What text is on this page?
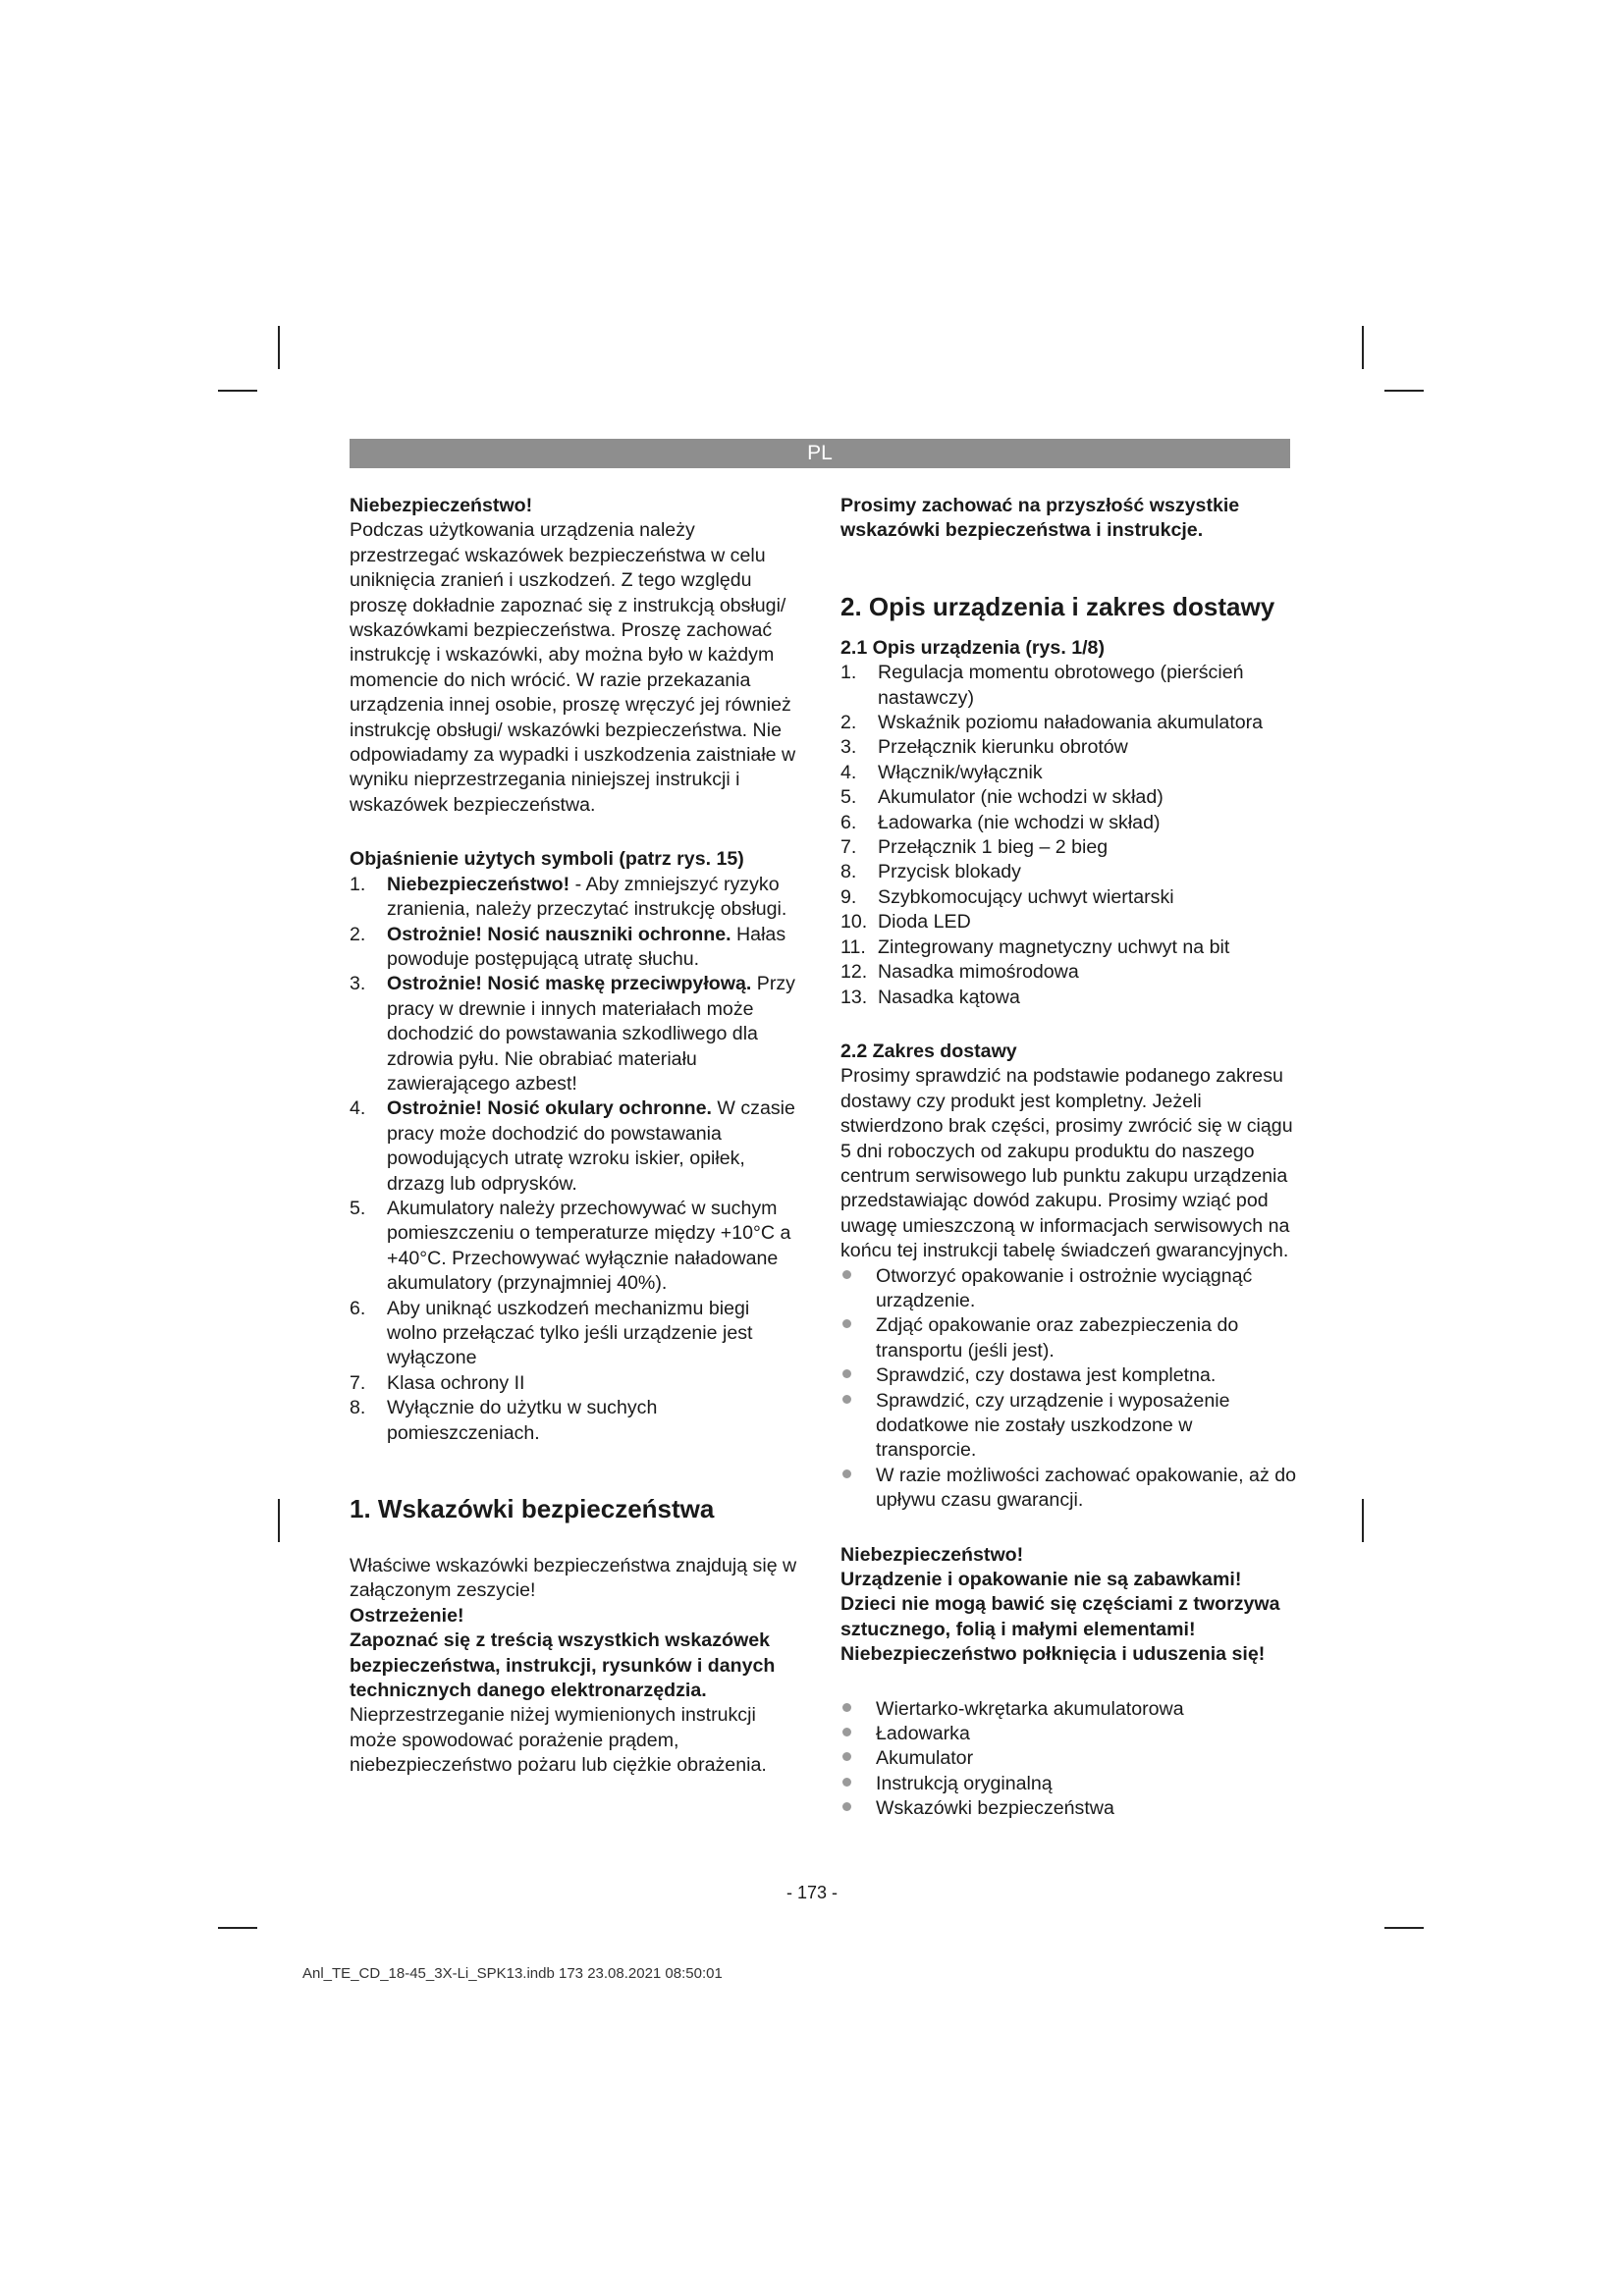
PL

Niebezpieczeństwo!

Podczas użytkowania urządzenia należy przestrzegać wskazówek bezpieczeństwa w celu uniknięcia zranień i uszkodzeń. Z tego względu proszę dokładnie zapoznać się z instrukcją obsługi/ wskazówkami bezpieczeństwa. Proszę zachować instrukcję i wskazówki, aby można było w każdym momencie do nich wrócić. W razie przekazania urządzenia innej osobie, proszę wręczyć jej również instrukcję obsługi/ wskazówki bezpieczeństwa. Nie odpowiadamy za wypadki i uszkodzenia zaistniałe w wyniku nieprzestrzegania niniejszej instrukcji i wskazówek bezpieczeństwa.

Objaśnienie użytych symboli (patrz rys. 15)

1. Niebezpieczeństwo! - Aby zmniejszyć ryzyko zranienia, należy przeczytać instrukcję obsługi.
2. Ostrożnie! Nosić nauszniki ochronne. Hałas powoduje postępującą utratę słuchu.
3. Ostrożnie! Nosić maskę przeciwpyłową. Przy pracy w drewnie i innych materiałach może dochodzić do powstawania szkodliwego dla zdrowia pyłu. Nie obrabiać materiału zawierającego azbest!
4. Ostrożnie! Nosić okulary ochronne. W czasie pracy może dochodzić do powstawania powodujących utratę wzroku iskier, opiłek, drzazg lub odprysków.
5. Akumulatory należy przechowywać w suchym pomieszczeniu o temperaturze między +10°C a +40°C. Przechowywać wyłącznie naładowane akumulatory (przynajmniej 40%).
6. Aby uniknąć uszkodzeń mechanizmu biegi wolno przełączać tylko jeśli urządzenie jest wyłączone
7. Klasa ochrony II
8. Wyłącznie do użytku w suchych pomieszczeniach.

1. Wskazówki bezpieczeństwa

Właściwe wskazówki bezpieczeństwa znajdują się w załączonym zeszycie!

Ostrzeżenie!

Zapoznać się z treścią wszystkich wskazówek bezpieczeństwa, instrukcji, rysunków i danych technicznych danego elektronarzędzia. Nieprzestrzeganie niżej wymienionych instrukcji może spowodować porażenie prądem, niebezpieczeństwo pożaru lub ciężkie obrażenia.

Prosimy zachować na przyszłość wszystkie wskazówki bezpieczeństwa i instrukcje.

2. Opis urządzenia i zakres dostawy

2.1 Opis urządzenia (rys. 1/8)

1. Regulacja momentu obrotowego (pierścień nastawczy)
2. Wskaźnik poziomu naładowania akumulatora
3. Przełącznik kierunku obrotów
4. Włącznik/wyłącznik
5. Akumulator (nie wchodzi w skład)
6. Ładowarka (nie wchodzi w skład)
7. Przełącznik 1 bieg – 2 bieg
8. Przycisk blokady
9. Szybkomocujący uchwyt wiertarski
10. Dioda LED
11. Zintegrowany magnetyczny uchwyt na bit
12. Nasadka mimośrodowa
13. Nasadka kątowa

2.2 Zakres dostawy

Prosimy sprawdzić na podstawie podanego zakresu dostawy czy produkt jest kompletny. Jeżeli stwierdzono brak części, prosimy zwrócić się w ciągu 5 dni roboczych od zakupu produktu do naszego centrum serwisowego lub punktu zakupu urządzenia przedstawiając dowód zakupu. Prosimy wziąć pod uwagę umieszczoną w informacjach serwisowych na końcu tej instrukcji tabelę świadczeń gwarancyjnych.

Otworzyć opakowanie i ostrożnie wyciągnąć urządzenie.
Zdjąć opakowanie oraz zabezpieczenia do transportu (jeśli jest).
Sprawdzić, czy dostawa jest kompletna.
Sprawdzić, czy urządzenie i wyposażenie dodatkowe nie zostały uszkodzone w transporcie.
W razie możliwości zachować opakowanie, aż do upływu czasu gwarancji.

Niebezpieczeństwo!

Urządzenie i opakowanie nie są zabawkami! Dzieci nie mogą bawić się częściami z tworzywa sztucznego, folią i małymi elementami! Niebezpieczeństwo połknięcia i uduszenia się!

Wiertarko-wkrętarka akumulatorowa
Ładowarka
Akumulator
Instrukcją oryginalną
Wskazówki bezpieczeństwa
- 173 -
Anl_TE_CD_18-45_3X-Li_SPK13.indb 173 23.08.2021 08:50:01
